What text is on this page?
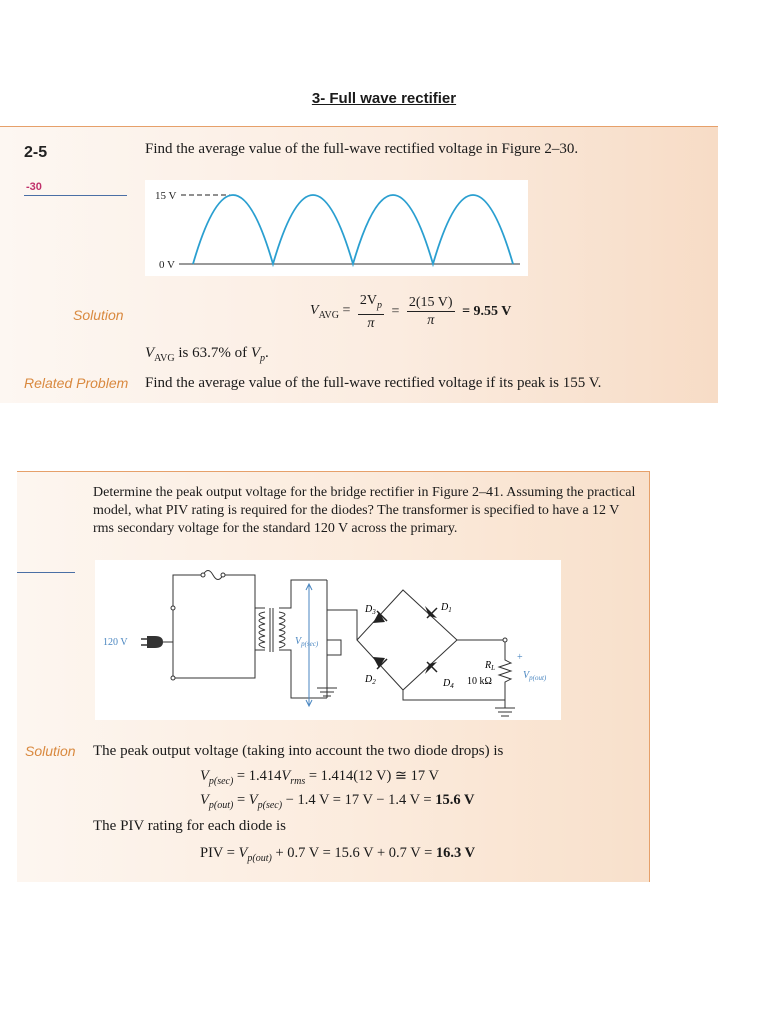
3- Full wave rectifier
2-5
-30
Find the average value of the full-wave rectified voltage in Figure 2–30.
15 V
0 V
Solution	$V_{AVG} = \frac{2V_p}{\pi} = \frac{2(15 V)}{\pi} = 9.55$ V
$V_{AVG}$ is 63.7% of $V_p$.
Related Problem Find the average value of the full-wave rectified voltage if its peak is 155 V.
Determine the peak output voltage for the bridge rectifier in Figure 2–41. Assuming the practical model, what PIV rating is required for the diodes? The transformer is specified to have a 12 V rms secondary voltage for the standard 120 V across the primary.
120 V	$V_{p(sec)}$
$D_3$	$D_1$
$D_2$	$D_4$
$R_L$
10 kΩ
+
$V_{p(out)}$
Solution The peak output voltage (taking into account the two diode drops) is
$V_{p(sec)} = 1.414V_{rms} = 1.414(12$ V) ≅ 17 V
$V_{p(out)} = V_{p(sec)} - 1.4$ V = 17 V − 1.4 V = 15.6 V
The PIV rating for each diode is
PIV = $V_{p(out)} + 0.7$ V = 15.6 V + 0.7 V = 16.3 V
